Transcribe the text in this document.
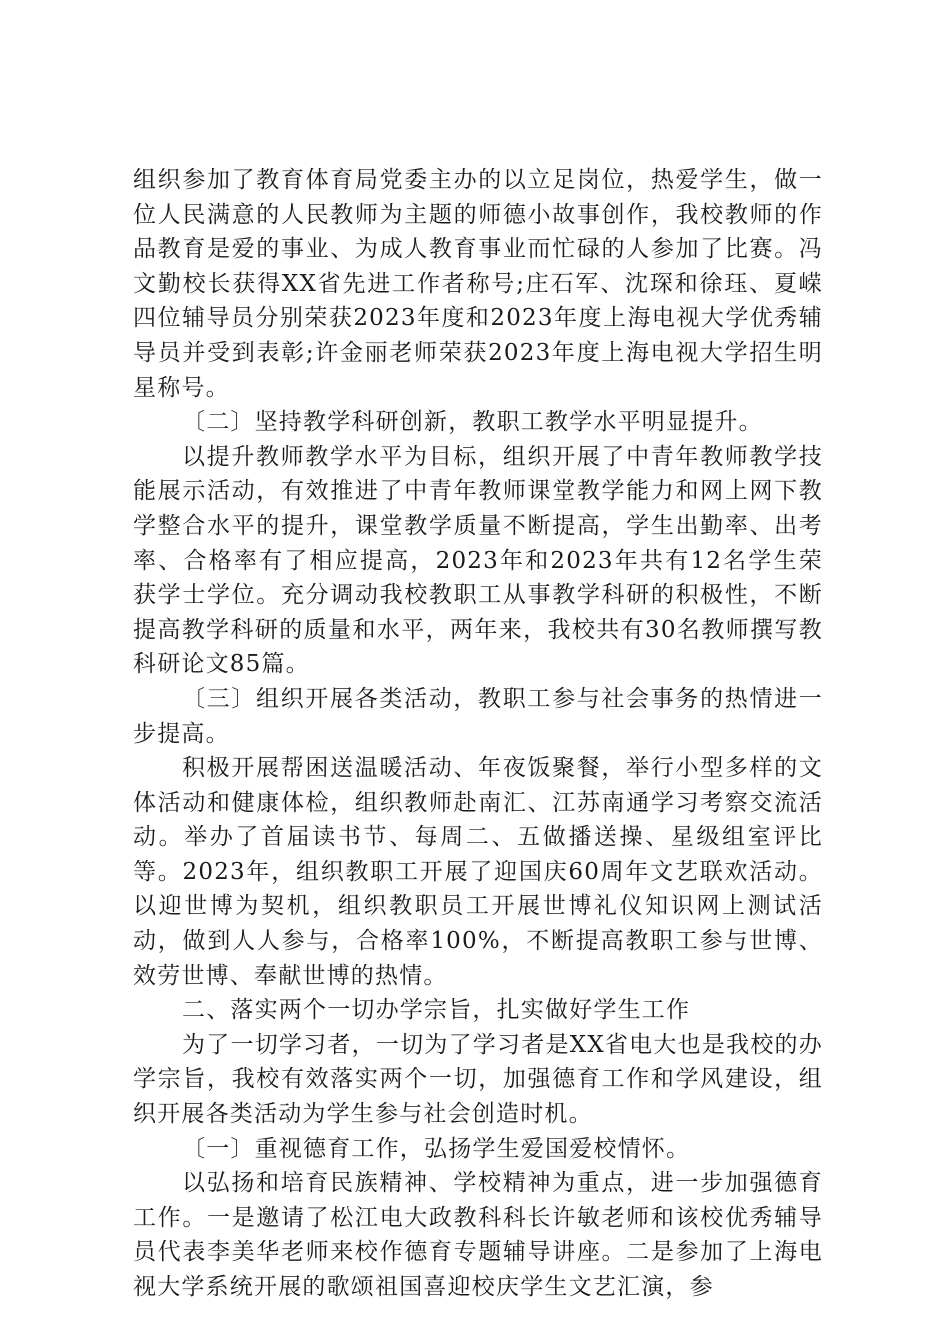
组织参加了教育体育局党委主办的以立足岗位，热爱学生，做一位人民满意的人民教师为主题的师德小故事创作，我校教师的作品教育是爱的事业、为成人教育事业而忙碌的人参加了比赛。冯文勤校长获得XX省先进工作者称号;庄石军、沈琛和徐珏、夏嵘四位辅导员分别荣获2023年度和2023年度上海电视大学优秀辅导员并受到表彰;许金丽老师荣获2023年度上海电视大学招生明星称号。

〔二〕坚持教学科研创新，教职工教学水平明显提升。

以提升教师教学水平为目标，组织开展了中青年教师教学技能展示活动，有效推进了中青年教师课堂教学能力和网上网下教学整合水平的提升，课堂教学质量不断提高，学生出勤率、出考率、合格率有了相应提高，2023年和2023年共有12名学生荣获学士学位。充分调动我校教职工从事教学科研的积极性，不断提高教学科研的质量和水平，两年来，我校共有30名教师撰写教科研论文85篇。

〔三〕组织开展各类活动，教职工参与社会事务的热情进一步提高。

积极开展帮困送温暖活动、年夜饭聚餐，举行小型多样的文体活动和健康体检，组织教师赴南汇、江苏南通学习考察交流活动。举办了首届读书节、每周二、五做播送操、星级组室评比等。2023年，组织教职工开展了迎国庆60周年文艺联欢活动。以迎世博为契机，组织教职员工开展世博礼仪知识网上测试活动，做到人人参与，合格率100%，不断提高教职工参与世博、效劳世博、奉献世博的热情。

二、落实两个一切办学宗旨，扎实做好学生工作

为了一切学习者，一切为了学习者是XX省电大也是我校的办学宗旨，我校有效落实两个一切，加强德育工作和学风建设，组织开展各类活动为学生参与社会创造时机。

〔一〕重视德育工作，弘扬学生爱国爱校情怀。

以弘扬和培育民族精神、学校精神为重点，进一步加强德育工作。一是邀请了松江电大政教科科长许敏老师和该校优秀辅导员代表李美华老师来校作德育专题辅导讲座。二是参加了上海电视大学系统开展的歌颂祖国喜迎校庆学生文艺汇演，参
